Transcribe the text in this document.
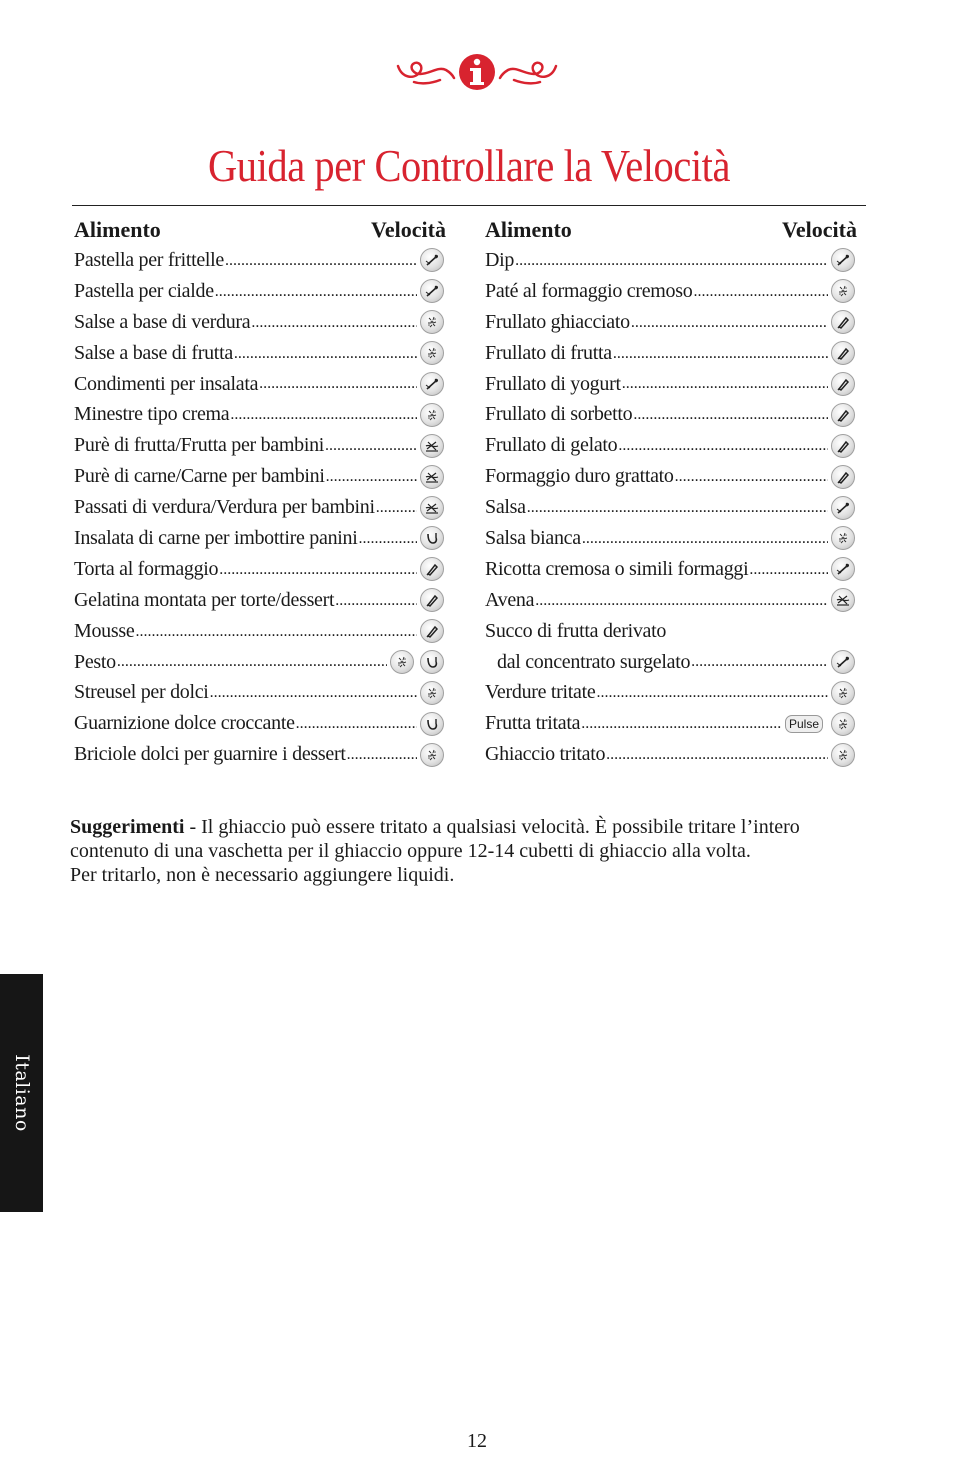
Guida per Controllare la Velocità
Alimento	Velocità
Pastella per frittelle
.....
Pastella per cialde
.....
Salse a base di verdura
.....
Salse a base di frutta
.....
Condimenti per insalata
.....
Minestre tipo crema
.....
Purè di frutta/Frutta per bambini
.....
Purè di carne/Carne per bambini
.....
Passati di verdura/Verdura per bambini
.....
Insalata di carne per imbottire panini
.....
Torta al formaggio
.....
Gelatina montata per torte/dessert
.....
Mousse
.....
Pesto
.....
Streusel per dolci
.....
Guarnizione dolce croccante
.....
Briciole dolci per guarnire i dessert
.....
Alimento	Velocità
Dip
.....
Paté al formaggio cremoso
.....
Frullato ghiacciato
.....
Frullato di frutta
.....
Frullato di yogurt
.....
Frullato di sorbetto
.....
Frullato di gelato
.....
Formaggio duro grattato
.....
Salsa
.....
Salsa bianca
.....
Ricotta cremosa o simili formaggi
.....
Avena
.....
Succo di frutta derivato
dal concentrato surgelato
.....
Verdure tritate
.....
Frutta tritata
.....	Pulse
Ghiaccio tritato
.....
Suggerimenti - Il ghiaccio può essere tritato a qualsiasi velocità. È possibile tritare l’intero
contenuto di una vaschetta per il ghiaccio oppure 12-14 cubetti di ghiaccio alla volta.
Per tritarlo, non è necessario aggiungere liquidi.
Italiano
12
